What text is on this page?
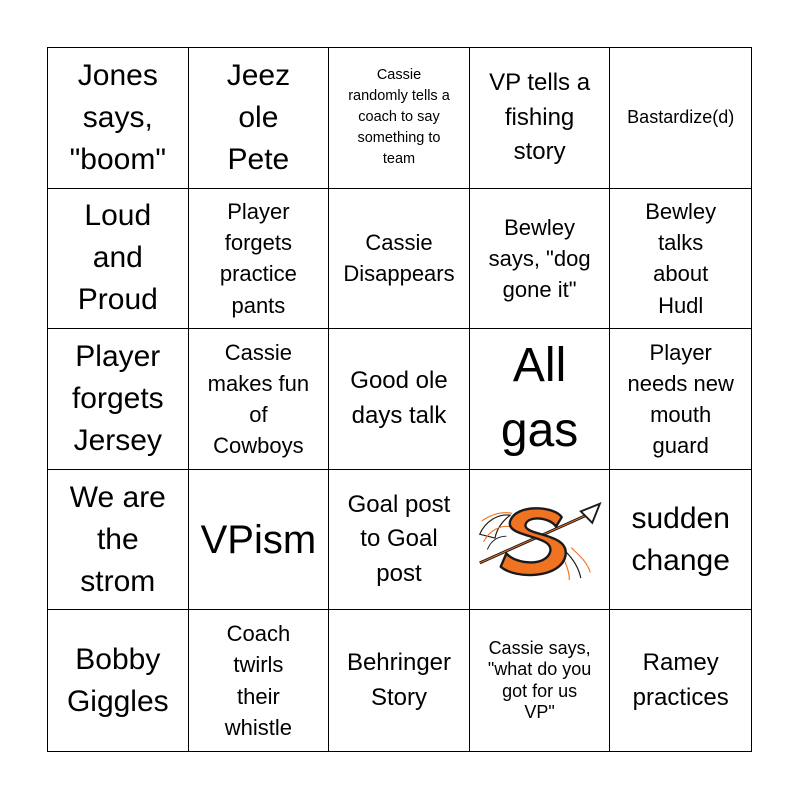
Jones
says,
"boom"
Jeez
ole
Pete
Cassie
randomly tells a
coach to say
something to
team
VP tells a
fishing
story
Bastardize(d)
Loud
and
Proud
Player
forgets
practice
pants
Cassie
Disappears
Bewley
says, "dog
gone it"
Bewley
talks
about
Hudl
Player
forgets
Jersey
Cassie
makes fun
of
Cowboys
Good ole
days talk
All
gas
Player
needs new
mouth
guard
We are
the
strom
VPism
Goal post
to Goal
post
sudden
change
Bobby
Giggles
Coach
twirls
their
whistle
Behringer
Story
Cassie says,
"what do you
got for us
VP"
Ramey
practices
